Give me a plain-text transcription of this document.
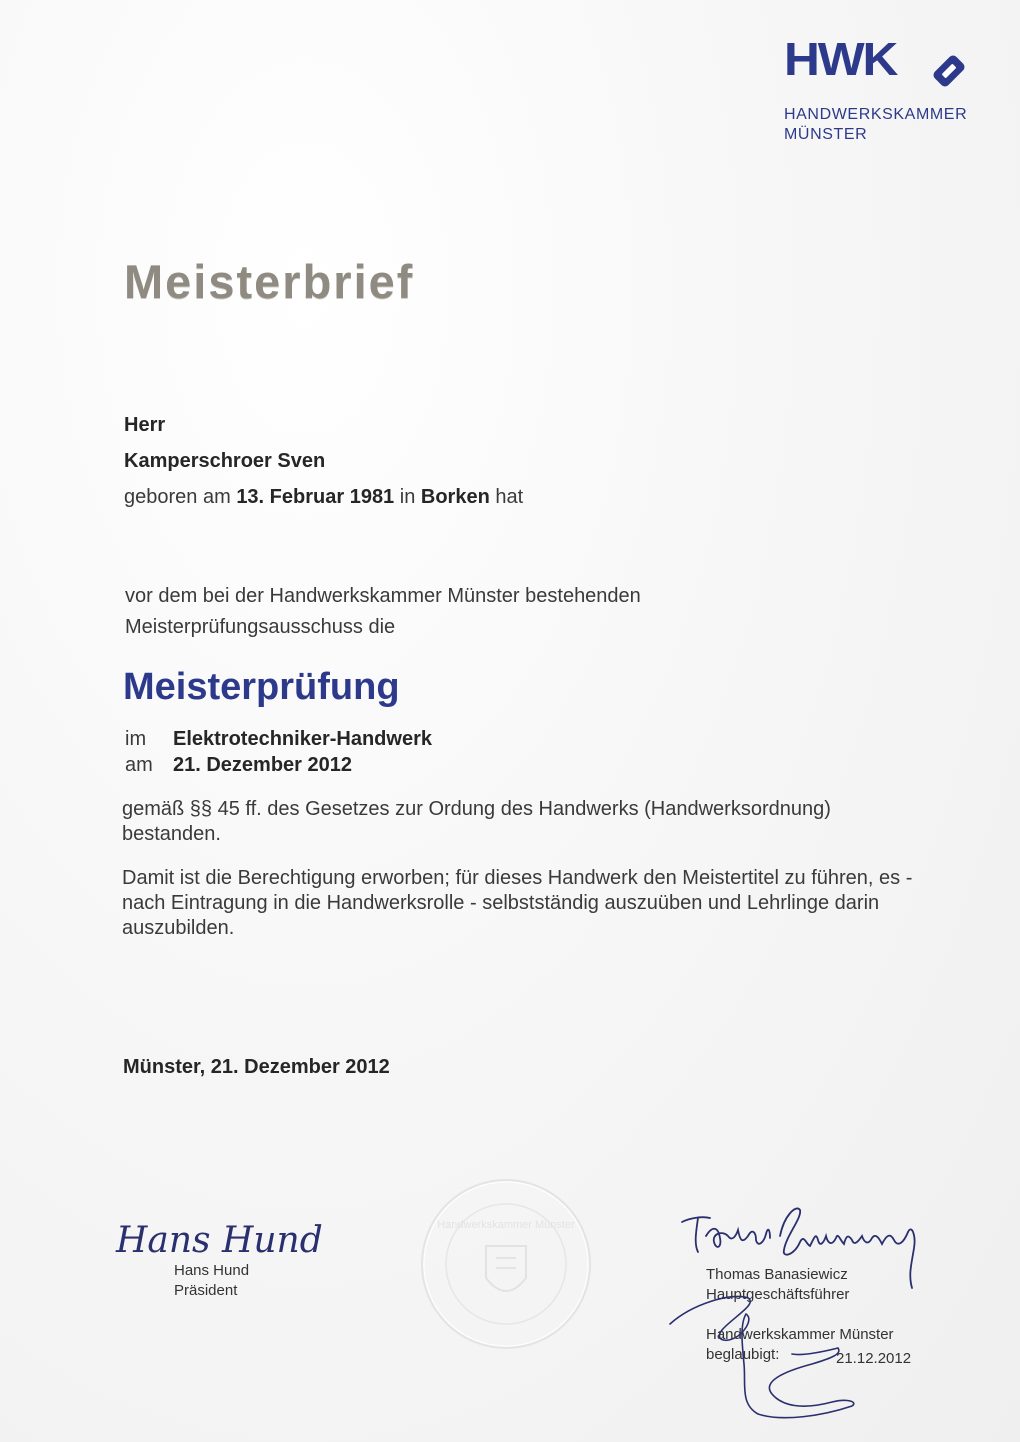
HWK
HANDWERKSKAMMER
MÜNSTER
Meisterbrief
Herr
Kamperschroer Sven
geboren am 13. Februar 1981 in Borken hat
vor dem bei der Handwerkskammer Münster bestehenden
Meisterprüfungsausschuss die
Meisterprüfung
im Elektrotechniker-Handwerk
am 21. Dezember 2012
gemäß §§ 45 ff. des Gesetzes zur Ordung des Handwerks (Handwerksordnung) bestanden.
Damit ist die Berechtigung erworben; für dieses Handwerk den Meistertitel zu führen, es - nach Eintragung in die Handwerksrolle - selbstständig auszuüben und Lehrlinge darin auszubilden.
Münster, 21. Dezember 2012
Hans Hund
Hans Hund
Präsident
Handwerkskammer Münster
Thomas Banasiewicz
Hauptgeschäftsführer
Handwerkskammer Münster
beglaubigt:	21.12.2012
